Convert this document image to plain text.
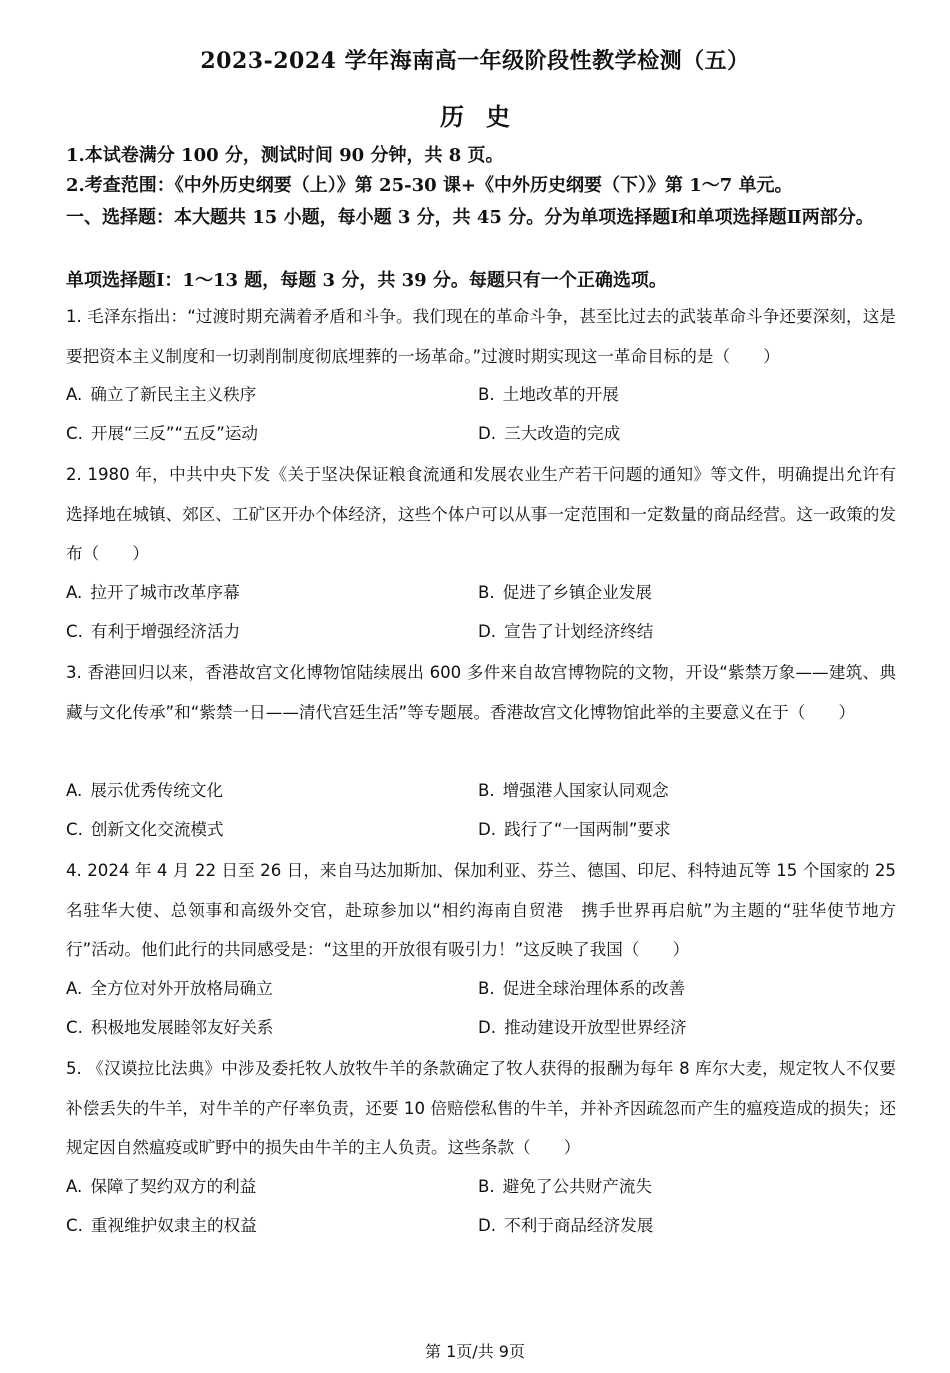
2023-2024 学年海南高一年级阶段性教学检测（五）
历史
1.本试卷满分 100 分，测试时间 90 分钟，共 8 页。
2.考查范围：《中外历史纲要（上）》第 25-30 课+《中外历史纲要（下）》第 1～7 单元。
一、选择题：本大题共 15 小题，每小题 3 分，共 45 分。分为单项选择题Ⅰ和单项选择题Ⅱ两部分。
单项选择题Ⅰ：1～13 题，每题 3 分，共 39 分。每题只有一个正确选项。
1. 毛泽东指出：“过渡时期充满着矛盾和斗争。我们现在的革命斗争，甚至比过去的武装革命斗争还要深刻，这是要把资本主义制度和一切剥削制度彻底埋葬的一场革命。”过渡时期实现这一革命目标的是（　　）
A. 确立了新民主主义秩序	B. 土地改革的开展
C. 开展“三反”“五反”运动	D. 三大改造的完成
2. 1980 年，中共中央下发《关于坚决保证粮食流通和发展农业生产若干问题的通知》等文件，明确提出允许有选择地在城镇、郊区、工矿区开办个体经济，这些个体户可以从事一定范围和一定数量的商品经营。这一政策的发布（　　）
A. 拉开了城市改革序幕	B. 促进了乡镇企业发展
C. 有利于增强经济活力	D. 宣告了计划经济终结
3. 香港回归以来，香港故宫文化博物馆陆续展出 600 多件来自故宫博物院的文物，开设“紫禁万象——建筑、典藏与文化传承”和“紫禁一日——清代宫廷生活”等专题展。香港故宫文化博物馆此举的主要意义在于（　　）
A. 展示优秀传统文化	B. 增强港人国家认同观念
C. 创新文化交流模式	D. 践行了“一国两制”要求
4. 2024 年 4 月 22 日至 26 日，来自马达加斯加、保加利亚、芬兰、德国、印尼、科特迪瓦等 15 个国家的 25 名驻华大使、总领事和高级外交官，赴琼参加以“相约海南自贸港　携手世界再启航”为主题的“驻华使节地方行”活动。他们此行的共同感受是：“这里的开放很有吸引力！”这反映了我国（　　）
A. 全方位对外开放格局确立	B. 促进全球治理体系的改善
C. 积极地发展睦邻友好关系	D. 推动建设开放型世界经济
5. 《汉谟拉比法典》中涉及委托牧人放牧牛羊的条款确定了牧人获得的报酬为每年 8 库尔大麦，规定牧人不仅要补偿丢失的牛羊，对牛羊的产仔率负责，还要 10 倍赔偿私售的牛羊，并补齐因疏忽而产生的瘟疫造成的损失；还规定因自然瘟疫或旷野中的损失由牛羊的主人负责。这些条款（　　）
A. 保障了契约双方的利益	B. 避免了公共财产流失
C. 重视维护奴隶主的权益	D. 不利于商品经济发展
第 1页/共 9页
